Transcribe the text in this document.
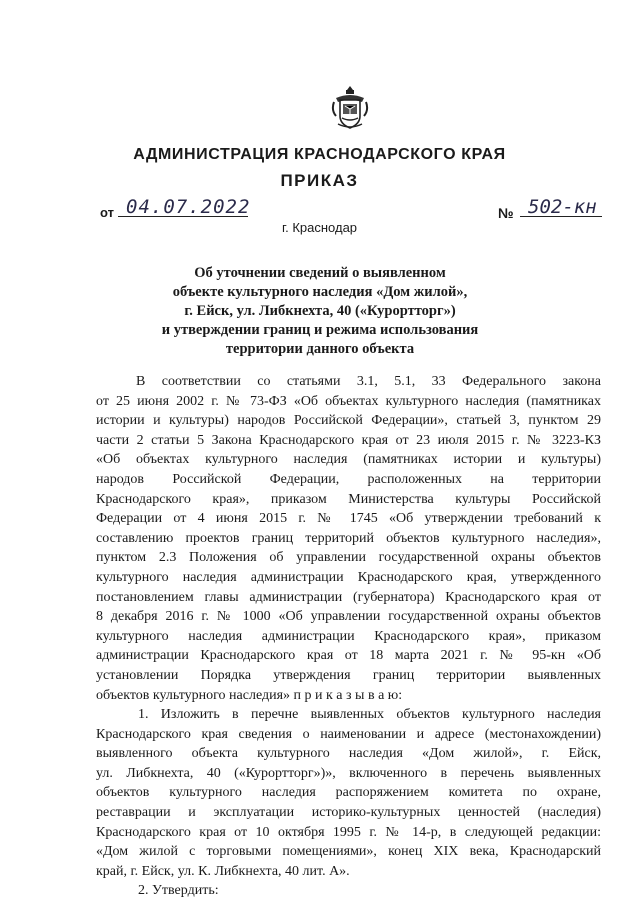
АДМИНИСТРАЦИЯ КРАСНОДАРСКОГО КРАЯ
ПРИКАЗ
от 04.07.2022	№ 502-кн
г. Краснодар
Об уточнении сведений о выявленном
объекте культурного наследия «Дом жилой»,
г. Ейск, ул. Либкнехта, 40 («Курортторг»)
и утверждении границ и режима использования
территории данного объекта
В соответствии со статьями 3.1, 5.1, 33 Федерального закона
от 25 июня 2002 г. № 73-ФЗ «Об объектах культурного наследия (памятниках
истории и культуры) народов Российской Федерации», статьей 3, пунктом 29
части 2 статьи 5 Закона Краснодарского края от 23 июля 2015 г. № 3223-КЗ
«Об объектах культурного наследия (памятниках истории и культуры)
народов Российской Федерации, расположенных на территории
Краснодарского края», приказом Министерства культуры Российской
Федерации от 4 июня 2015 г. № 1745 «Об утверждении требований к
составлению проектов границ территорий объектов культурного наследия»,
пунктом 2.3 Положения об управлении государственной охраны объектов
культурного наследия администрации Краснодарского края, утвержденного
постановлением главы администрации (губернатора) Краснодарского края от
8 декабря 2016 г. № 1000 «Об управлении государственной охраны объектов
культурного наследия администрации Краснодарского края», приказом
администрации Краснодарского края от 18 марта 2021 г. № 95-кн «Об
установлении Порядка утверждения границ территории выявленных
объектов культурного наследия» п р и к а з ы в а ю:
1. Изложить в перечне выявленных объектов культурного наследия
Краснодарского края сведения о наименовании и адресе (местонахождении)
выявленного объекта культурного наследия «Дом жилой», г. Ейск,
ул. Либкнехта, 40 («Курортторг»)», включенного в перечень выявленных
объектов культурного наследия распоряжением комитета по охране,
реставрации и эксплуатации историко-культурных ценностей (наследия)
Краснодарского края от 10 октября 1995 г. № 14-р, в следующей редакции:
«Дом жилой с торговыми помещениями», конец XIX века, Краснодарский
край, г. Ейск, ул. К. Либкнехта, 40 лит. А».
2. Утвердить:
